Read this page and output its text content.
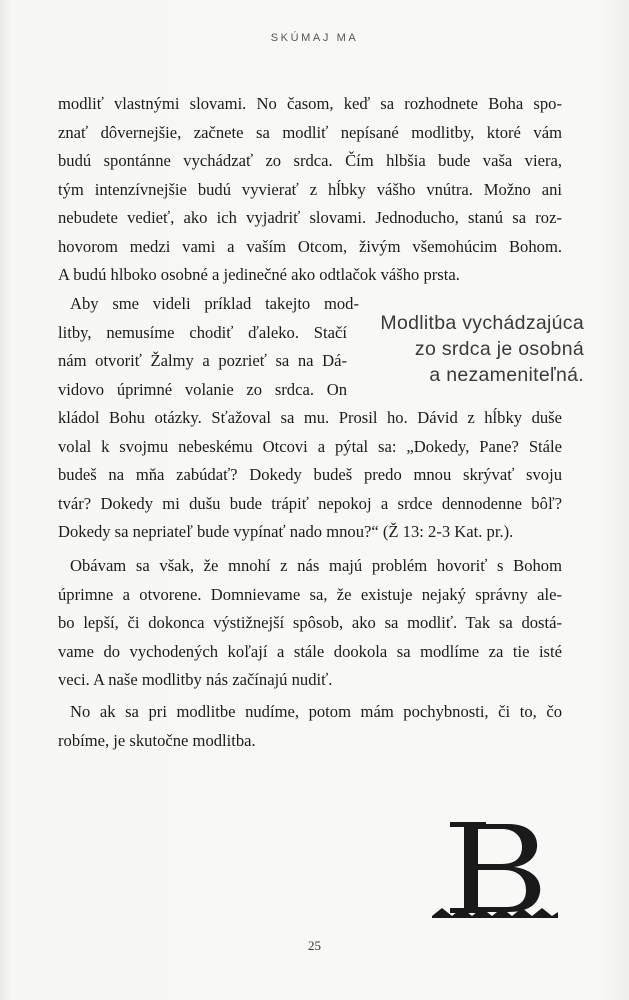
SKÚMAJ MA
modliť vlastnými slovami. No časom, keď sa rozhodnete Boha spo-
znať dôvernejšie, začnete sa modliť nepísané modlitby, ktoré vám
budú spontánne vychádzať zo srdca. Čím hlbšia bude vaša viera,
tým intenzívnejšie budú vyvierať z hĺbky vášho vnútra. Možno ani
nebudete vedieť, ako ich vyjadriť slovami. Jednoducho, stanú sa roz-
hovorom medzi vami a vaším Otcom, živým všemohúcim Bohom.
A budú hlboko osobné a jedinečné ako odtlačok vášho prsta.
Aby sme videli príklad takejto mod-
litby, nemusíme chodiť ďaleko. Stačí
nám otvoriť Žalmy a pozrieť sa na Dá-
vidovo úprimné volanie zo srdca. On
kládol Bohu otázky. Sťažoval sa mu. Prosil ho. Dávid z hĺbky duše
volal k svojmu nebeskému Otcovi a pýtal sa: „Dokedy, Pane? Stále
budeš na mňa zabúdať? Dokedy budeš predo mnou skrývať svoju
tvár? Dokedy mi dušu bude trápiť nepokoj a srdce dennodenne bôľ?
Dokedy sa nepriateľ bude vypínať nado mnou?“ (Ž 13: 2-3 Kat. pr.).
Modlitba vychádzajúca
zo srdca je osobná
a nezameniteľná.
Obávam sa však, že mnohí z nás majú problém hovoriť s Bohom
úprimne a otvorene. Domnievame sa, že existuje nejaký správny ale-
bo lepší, či dokonca výstižnejší spôsob, ako sa modliť. Tak sa dostá-
vame do vychodených koľají a stále dookola sa modlíme za tie isté
veci. A naše modlitby nás začínajú nudiť.
No ak sa pri modlitbe nudíme, potom mám pochybnosti, či to, čo
robíme, je skutočne modlitba.
25
